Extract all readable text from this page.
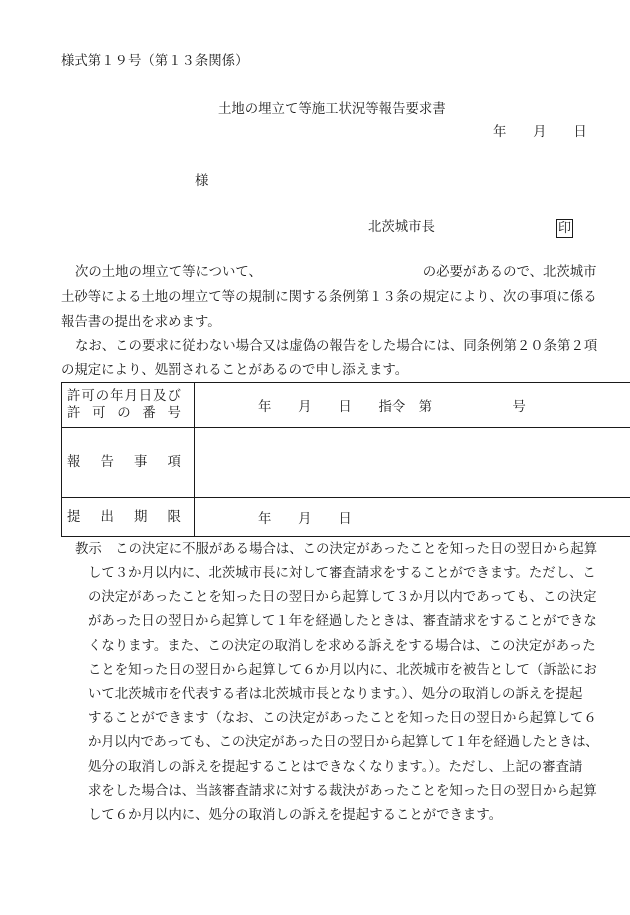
様式第１９号（第１３条関係）
土地の埋立て等施工状況等報告要求書
年　　月　　日
様
北茨城市長	印
次の土地の埋立て等について、	の必要があるので、北茨城市
土砂等による土地の埋立て等の規制に関する条例第１３条の規定により、次の事項に係る
報告書の提出を求めます。
なお、この要求に従わない場合又は虚偽の報告をした場合には、同条例第２０条第２項
の規定により、処罰されることがあるので申し添えます。
許可の年月日及び
許可の番号	年　　月　　日　　指令　第　　　　　　号

報告事項	

提出期限	年　　月　　日
教示 この決定に不服がある場合は、この決定があったことを知った日の翌日から起算
して３か月以内に、北茨城市長に対して審査請求をすることができます。ただし、こ
の決定があったことを知った日の翌日から起算して３か月以内であっても、この決定
があった日の翌日から起算して１年を経過したときは、審査請求をすることができな
くなります。また、この決定の取消しを求める訴えをする場合は、この決定があった
ことを知った日の翌日から起算して６か月以内に、北茨城市を被告として（訴訟にお
いて北茨城市を代表する者は北茨城市長となります。）、処分の取消しの訴えを提起
することができます（なお、この決定があったことを知った日の翌日から起算して６
か月以内であっても、この決定があった日の翌日から起算して１年を経過したときは、
処分の取消しの訴えを提起することはできなくなります。）。ただし、上記の審査請
求をした場合は、当該審査請求に対する裁決があったことを知った日の翌日から起算
して６か月以内に、処分の取消しの訴えを提起することができます。
